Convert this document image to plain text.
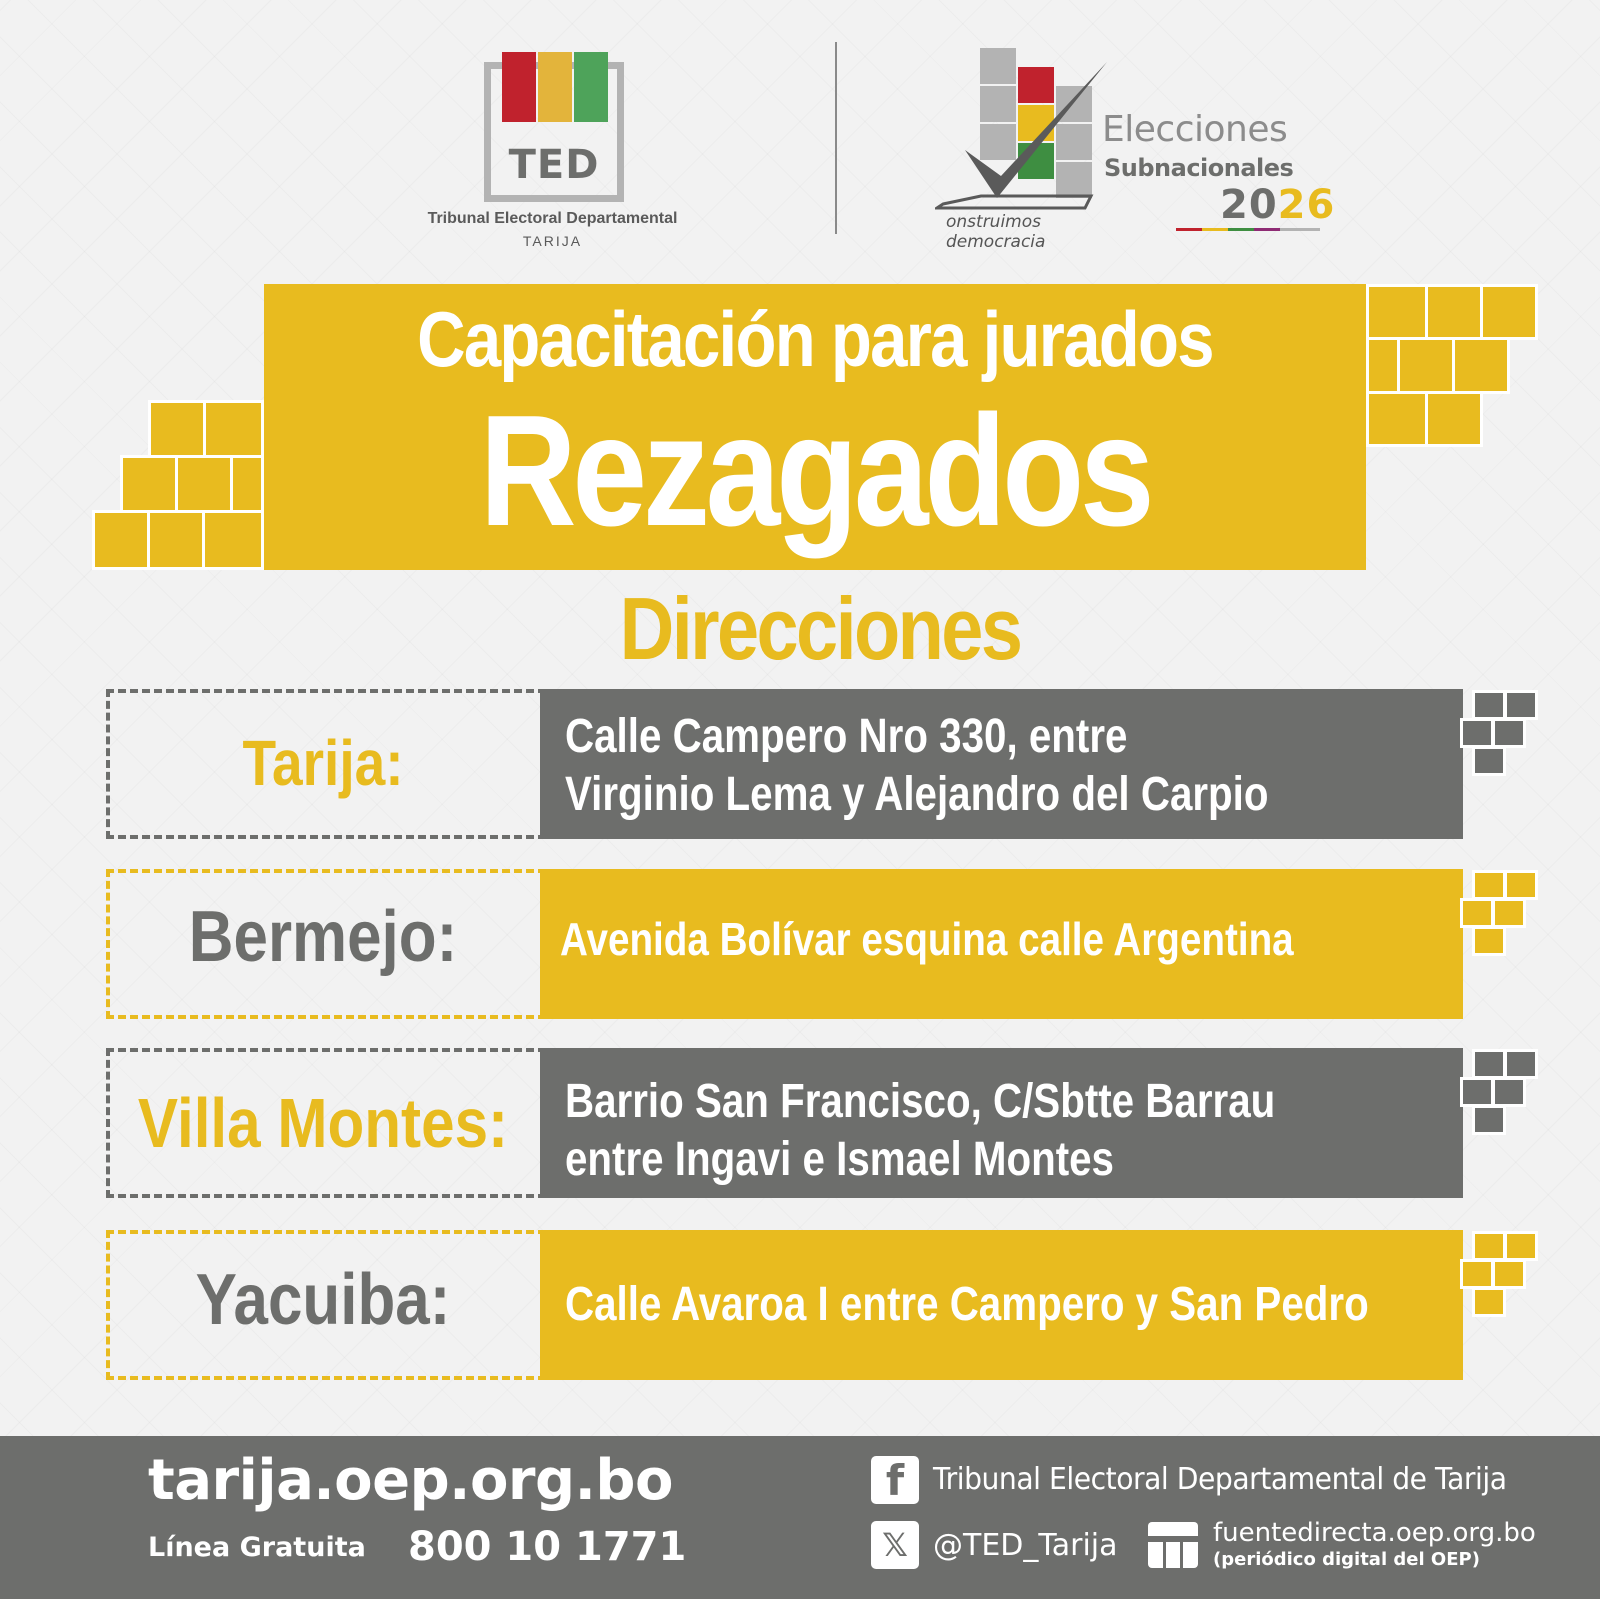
TED
Tribunal Electoral Departamental
TARIJA
Elecciones
Subnacionales
2026
onstruimos democracia
Capacitación para jurados
Rezagados
Direcciones
Tarija:	Calle Campero Nro 330, entre
Virginio Lema y Alejandro del Carpio
Bermejo:	Avenida Bolívar esquina calle Argentina
Villa Montes: Barrio San Francisco, C/Sbtte Barrau
entre Ingavi e Ismael Montes
Yacuiba:	Calle Avaroa I entre Campero y San Pedro
tarija.oep.org.bo
Línea Gratuita 800 10 1771
f Tribunal Electoral Departamental de Tarija
𝕏 @TED_Tarija	fuentedirecta.oep.org.bo
(periódico digital del OEP)
